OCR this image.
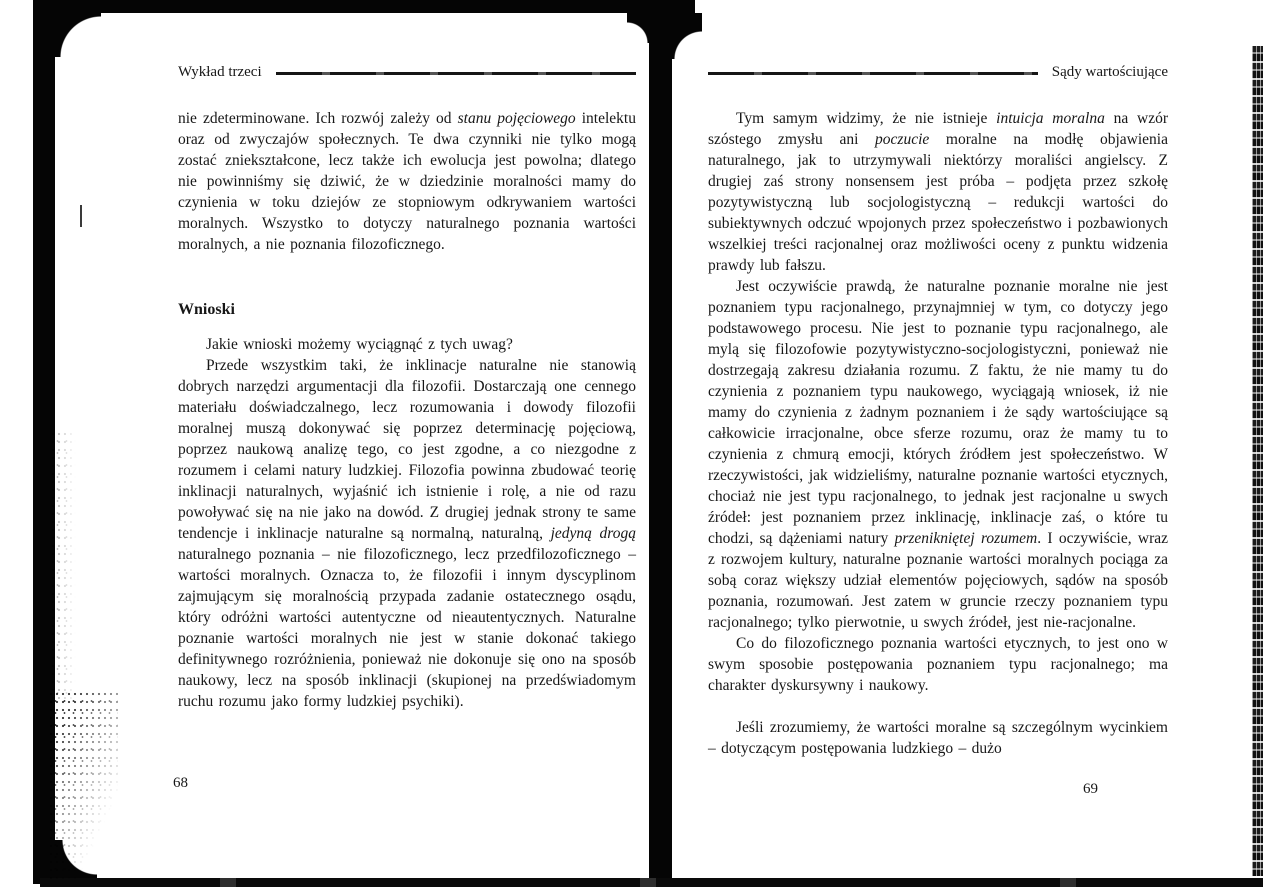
Wykład trzeci

nie zdeterminowane. Ich rozwój zależy od stanu pojęciowego intelektu oraz od zwyczajów społecznych. Te dwa czynniki nie tylko mogą zostać zniekształcone, lecz także ich ewolucja jest powolna; dlatego nie powinniśmy się dziwić, że w dziedzinie moralności mamy do czynienia w toku dziejów ze stopniowym odkrywaniem wartości moralnych. Wszystko to dotyczy naturalnego poznania wartości moralnych, a nie poznania filozoficznego.

Wnioski

Jakie wnioski możemy wyciągnąć z tych uwag?

Przede wszystkim taki, że inklinacje naturalne nie stanowią dobrych narzędzi argumentacji dla filozofii. Dostarczają one cennego materiału doświadczalnego, lecz rozumowania i dowody filozofii moralnej muszą dokonywać się poprzez determinację pojęciową, poprzez naukową analizę tego, co jest zgodne, a co niezgodne z rozumem i celami natury ludzkiej. Filozofia powinna zbudować teorię inklinacji naturalnych, wyjaśnić ich istnienie i rolę, a nie od razu powoływać się na nie jako na dowód. Z drugiej jednak strony te same tendencje i inklinacje naturalne są normalną, naturalną, jedyną drogą naturalnego poznania – nie filozoficznego, lecz przedfilozoficznego – wartości moralnych. Oznacza to, że filozofii i innym dyscyplinom zajmującym się moralnością przypada zadanie ostatecznego osądu, który odróżni wartości autentyczne od nieautentycznych. Naturalne poznanie wartości moralnych nie jest w stanie dokonać takiego definitywnego rozróżnienia, ponieważ nie dokonuje się ono na sposób naukowy, lecz na sposób inklinacji (skupionej na przedświadomym ruchu rozumu jako formy ludzkiej psychiki).

68
Sądy wartościujące

Tym samym widzimy, że nie istnieje intuicja moralna na wzór szóstego zmysłu ani poczucie moralne na modłę objawienia naturalnego, jak to utrzymywali niektórzy moraliści angielscy. Z drugiej zaś strony nonsensem jest próba – podjęta przez szkołę pozytywistyczną lub socjologistyczną – redukcji wartości do subiektywnych odczuć wpojonych przez społeczeństwo i pozbawionych wszelkiej treści racjonalnej oraz możliwości oceny z punktu widzenia prawdy lub fałszu.

Jest oczywiście prawdą, że naturalne poznanie moralne nie jest poznaniem typu racjonalnego, przynajmniej w tym, co dotyczy jego podstawowego procesu. Nie jest to poznanie typu racjonalnego, ale mylą się filozofowie pozytywistyczno-socjologistyczni, ponieważ nie dostrzegają zakresu działania rozumu. Z faktu, że nie mamy tu do czynienia z poznaniem typu naukowego, wyciągają wniosek, iż nie mamy do czynienia z żadnym poznaniem i że sądy wartościujące są całkowicie irracjonalne, obce sferze rozumu, oraz że mamy tu to czynienia z chmurą emocji, których źródłem jest społeczeństwo. W rzeczywistości, jak widzieliśmy, naturalne poznanie wartości etycznych, chociaż nie jest typu racjonalnego, to jednak jest racjonalne u swych źródeł: jest poznaniem przez inklinację, inklinacje zaś, o które tu chodzi, są dążeniami natury przenikniętej rozumem. I oczywiście, wraz z rozwojem kultury, naturalne poznanie wartości moralnych pociąga za sobą coraz większy udział elementów pojęciowych, sądów na sposób poznania, rozumowań. Jest zatem w gruncie rzeczy poznaniem typu racjonalnego; tylko pierwotnie, u swych źródeł, jest nie-racjonalne.

Co do filozoficznego poznania wartości etycznych, to jest ono w swym sposobie postępowania poznaniem typu racjonalnego; ma charakter dyskursywny i naukowy.

Jeśli zrozumiemy, że wartości moralne są szczególnym wycinkiem – dotyczącym postępowania ludzkiego – dużo

69
